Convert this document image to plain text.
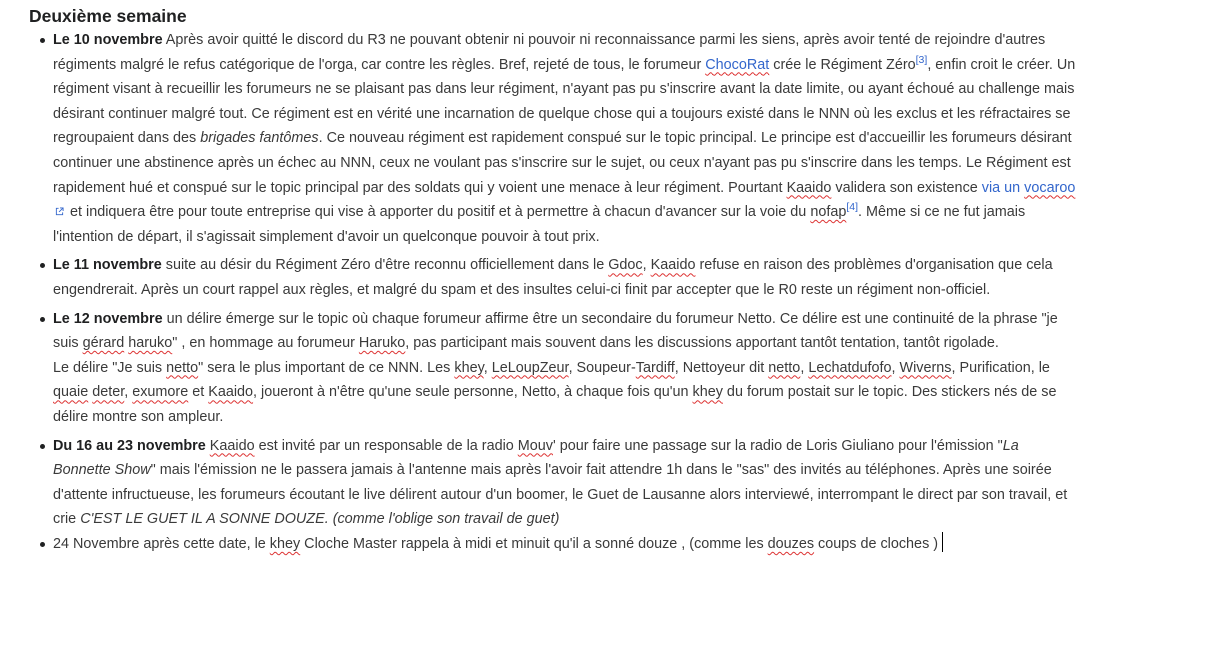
Deuxième semaine
Le 10 novembre Après avoir quitté le discord du R3 ne pouvant obtenir ni pouvoir ni reconnaissance parmi les siens, après avoir tenté de rejoindre d'autres régiments malgré le refus catégorique de l'orga, car contre les règles. Bref, rejeté de tous, le forumeur ChocoRat crée le Régiment Zéro[3], enfin croit le créer. Un régiment visant à recueillir les forumeurs ne se plaisant pas dans leur régiment, n'ayant pas pu s'inscrire avant la date limite, ou ayant échoué au challenge mais désirant continuer malgré tout. Ce régiment est en vérité une incarnation de quelque chose qui a toujours existé dans le NNN où les exclus et les réfractaires se regroupaient dans des brigades fantômes. Ce nouveau régiment est rapidement conspué sur le topic principal. Le principe est d'accueillir les forumeurs désirant continuer une abstinence après un échec au NNN, ceux ne voulant pas s'inscrire sur le sujet, ou ceux n'ayant pas pu s'inscrire dans les temps. Le Régiment est rapidement hué et conspué sur le topic principal par des soldats qui y voient une menace à leur régiment. Pourtant Kaaido validera son existence via un vocaroo et indiquera être pour toute entreprise qui vise à apporter du positif et à permettre à chacun d'avancer sur la voie du nofap[4]. Même si ce ne fut jamais l'intention de départ, il s'agissait simplement d'avoir un quelconque pouvoir à tout prix.
Le 11 novembre suite au désir du Régiment Zéro d'être reconnu officiellement dans le Gdoc, Kaaido refuse en raison des problèmes d'organisation que cela engendrerait. Après un court rappel aux règles, et malgré du spam et des insultes celui-ci finit par accepter que le R0 reste un régiment non-officiel.
Le 12 novembre un délire émerge sur le topic où chaque forumeur affirme être un secondaire du forumeur Netto. Ce délire est une continuité de la phrase "je suis gérard haruko" , en hommage au forumeur Haruko, pas participant mais souvent dans les discussions apportant tantôt tentation, tantôt rigolade.
Le délire "Je suis netto" sera le plus important de ce NNN. Les khey, LeLoupZeur, Soupeur-Tardiff, Nettoyeur dit netto, Lechatdufofo, Wiverns, Purification, le quaie deter, exumore et Kaaido, joueront à n'être qu'une seule personne, Netto, à chaque fois qu'un khey du forum postait sur le topic. Des stickers nés de se délire montre son ampleur.
Du 16 au 23 novembre Kaaido est invité par un responsable de la radio Mouv' pour faire une passage sur la radio de Loris Giuliano pour l'émission "La Bonnette Show" mais l'émission ne le passera jamais à l'antenne mais après l'avoir fait attendre 1h dans le "sas" des invités au téléphones. Après une soirée d'attente infructueuse, les forumeurs écoutant le live délirent autour d'un boomer, le Guet de Lausanne alors interviewé, interrompant le direct par son travail, et crie C'EST LE GUET IL A SONNE DOUZE. (comme l'oblige son travail de guet)
24 Novembre après cette date, le khey Cloche Master rappela à midi et minuit qu'il a sonné douze , (comme les douzes coups de cloches )
